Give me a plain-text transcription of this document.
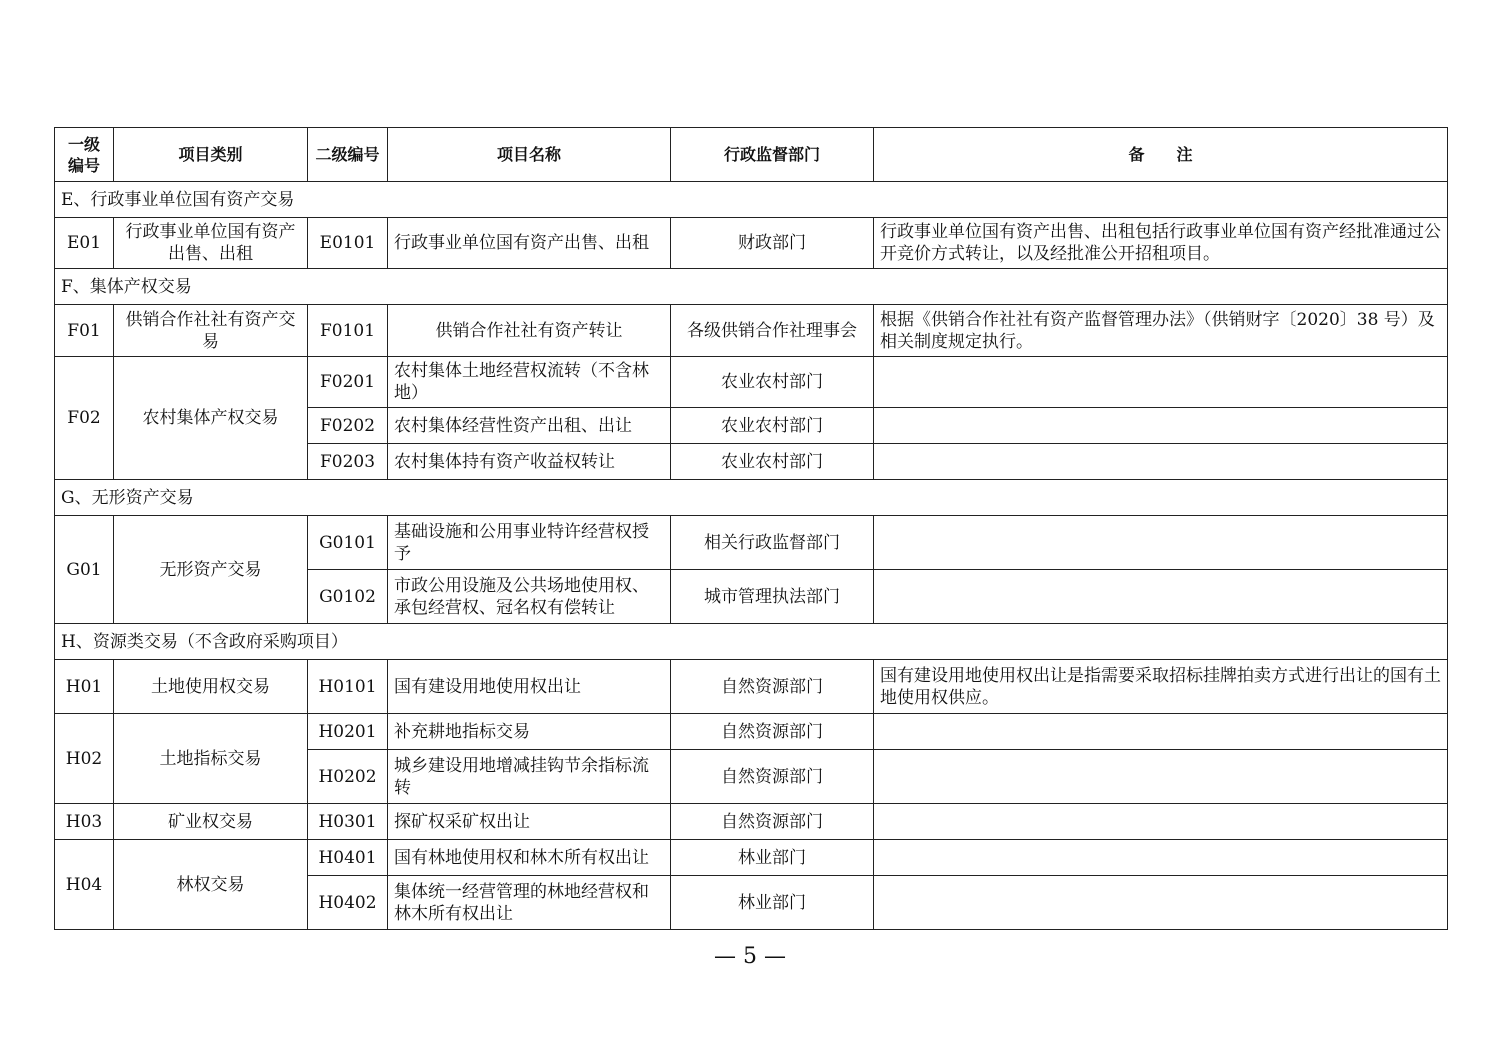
一级编号	项目类别	二级编号	项目名称	行政监督部门	备　　注
E、行政事业单位国有资产交易					
E01	行政事业单位国有资产出售、出租	E0101	行政事业单位国有资产出售、出租	财政部门	行政事业单位国有资产出售、出租包括行政事业单位国有资产经批准通过公开竞价方式转让，以及经批准公开招租项目。
F、集体产权交易					
F01	供销合作社社有资产交易	F0101	供销合作社社有资产转让	各级供销合作社理事会	根据《供销合作社社有资产监督管理办法》（供销财字〔2020〕38 号）及相关制度规定执行。
F02	农村集体产权交易	F0201	农村集体土地经营权流转（不含林地）	农业农村部门	
		F0202	农村集体经营性资产出租、出让	农业农村部门	
		F0203	农村集体持有资产收益权转让	农业农村部门	
G、无形资产交易					
G01	无形资产交易	G0101	基础设施和公用事业特许经营权授予	相关行政监督部门	
		G0102	市政公用设施及公共场地使用权、承包经营权、冠名权有偿转让	城市管理执法部门	
H、资源类交易（不含政府采购项目）					
H01	土地使用权交易	H0101	国有建设用地使用权出让	自然资源部门	国有建设用地使用权出让是指需要采取招标挂牌拍卖方式进行出让的国有土地使用权供应。
H02	土地指标交易	H0201	补充耕地指标交易	自然资源部门	
		H0202	城乡建设用地增减挂钩节余指标流转	自然资源部门	
H03	矿业权交易	H0301	探矿权采矿权出让	自然资源部门	
H04	林权交易	H0401	国有林地使用权和林木所有权出让	林业部门	
		H0402	集体统一经营管理的林地经营权和林木所有权出让	林业部门	
— 5 —
